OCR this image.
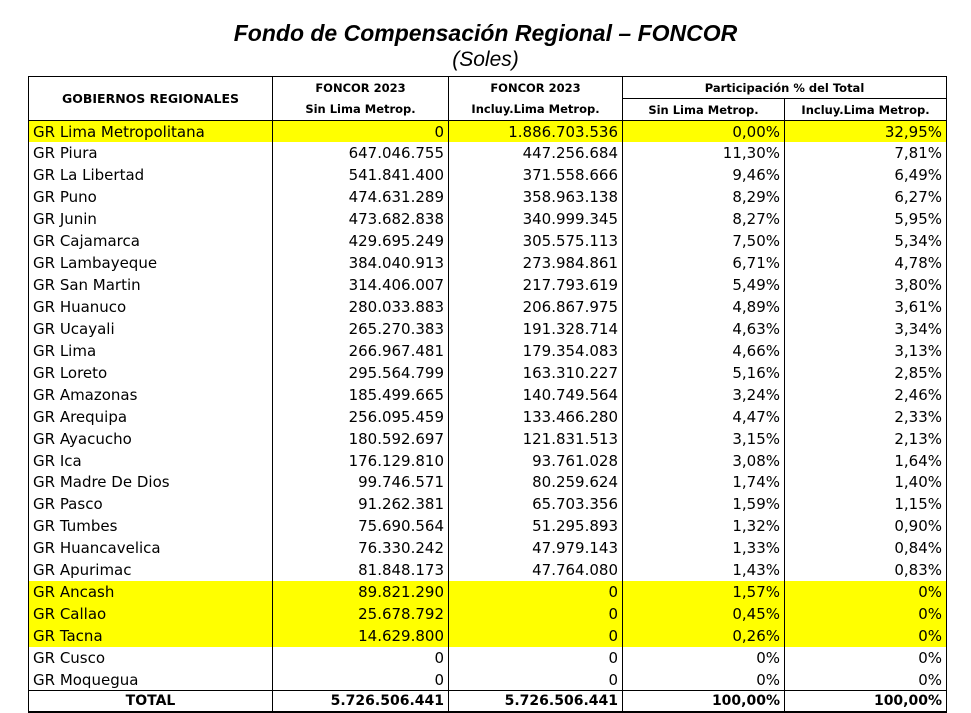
Fondo de Compensación Regional – FONCOR
(Soles)
GOBIERNOS REGIONALES	FONCOR 2023	FONCOR 2023	Participación % del Total	
	Sin Lima Metrop.	Incluy.Lima Metrop.	Sin Lima Metrop.	Incluy.Lima Metrop.
GR Lima Metropolitana	0	1.886.703.536	0,00%	32,95%
GR Piura	647.046.755	447.256.684	11,30%	7,81%
GR La Libertad	541.841.400	371.558.666	9,46%	6,49%
GR Puno	474.631.289	358.963.138	8,29%	6,27%
GR Junin	473.682.838	340.999.345	8,27%	5,95%
GR Cajamarca	429.695.249	305.575.113	7,50%	5,34%
GR Lambayeque	384.040.913	273.984.861	6,71%	4,78%
GR San Martin	314.406.007	217.793.619	5,49%	3,80%
GR Huanuco	280.033.883	206.867.975	4,89%	3,61%
GR Ucayali	265.270.383	191.328.714	4,63%	3,34%
GR Lima	266.967.481	179.354.083	4,66%	3,13%
GR Loreto	295.564.799	163.310.227	5,16%	2,85%
GR Amazonas	185.499.665	140.749.564	3,24%	2,46%
GR Arequipa	256.095.459	133.466.280	4,47%	2,33%
GR Ayacucho	180.592.697	121.831.513	3,15%	2,13%
GR Ica	176.129.810	93.761.028	3,08%	1,64%
GR Madre De Dios	99.746.571	80.259.624	1,74%	1,40%
GR Pasco	91.262.381	65.703.356	1,59%	1,15%
GR Tumbes	75.690.564	51.295.893	1,32%	0,90%
GR Huancavelica	76.330.242	47.979.143	1,33%	0,84%
GR Apurimac	81.848.173	47.764.080	1,43%	0,83%
GR Ancash	89.821.290	0	1,57%	0%
GR Callao	25.678.792	0	0,45%	0%
GR Tacna	14.629.800	0	0,26%	0%
GR Cusco	0	0	0%	0%
GR Moquegua	0	0	0%	0%
TOTAL	5.726.506.441	5.726.506.441	100,00%	100,00%
